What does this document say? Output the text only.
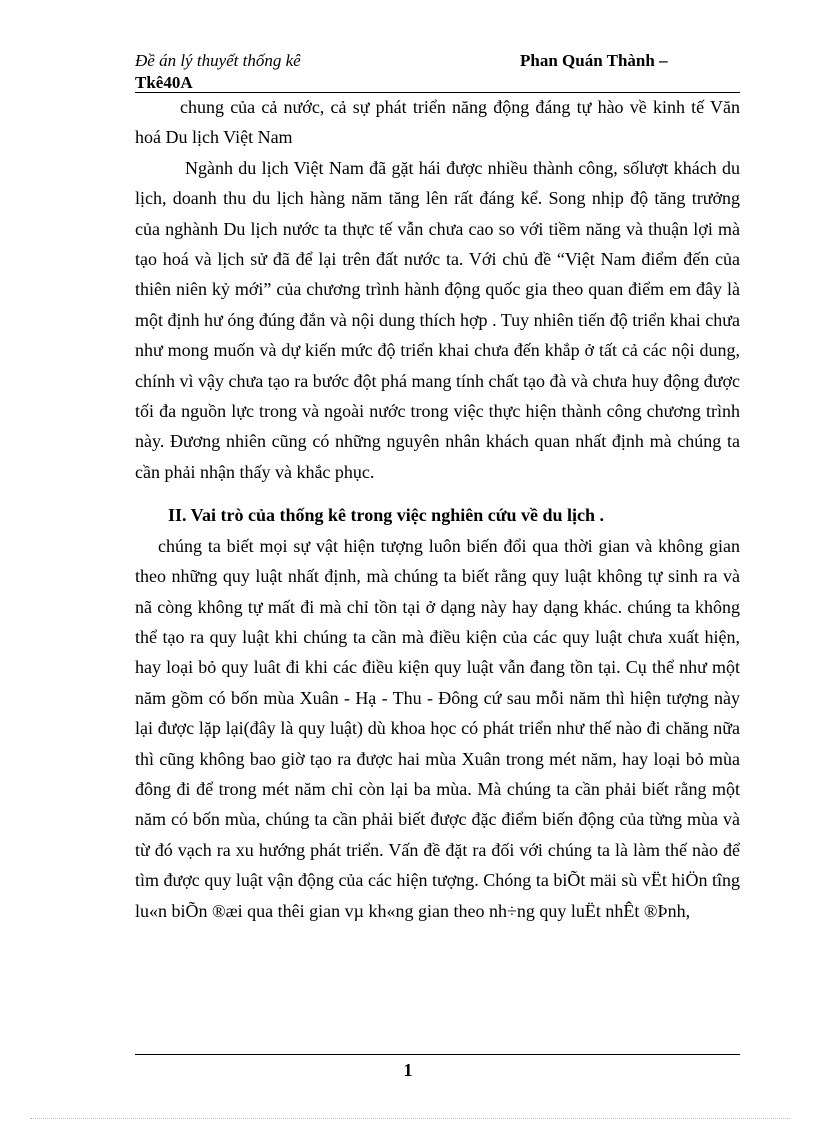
Đề án lý thuyết thống kê	Phan Quán Thành –
Tkê40A

chung của cả nước, cả sự phát triển năng động đáng tự hào về kinh tế Văn hoá Du lịch Việt Nam

Ngành du lịch Việt Nam đã gặt hái được nhiều thành công, sốlượt khách du lịch, doanh thu du lịch hàng năm tăng lên rất đáng kể. Song nhịp độ tăng trưởng của nghành Du lịch nước ta thực tế vẫn chưa cao so với tiềm năng và thuận lợi mà tạo hoá và lịch sử đã để lại trên đất nước ta. Với chủ đề “Việt Nam điểm đến của thiên niên kỷ mới” của chương trình hành động quốc gia theo quan điểm em đây là một định hư óng đúng đắn và nội dung thích hợp . Tuy nhiên tiến độ triển khai chưa như mong muốn và dự kiến mức độ triển khai chưa đến khắp ở tất cả các nội dung, chính vì vậy chưa tạo ra bước đột phá mang tính chất tạo đà và chưa huy động được tối đa nguồn lực trong và ngoài nước trong việc thực hiện thành công chương trình này. Đương nhiên cũng có những nguyên nhân khách quan nhất định mà chúng ta cần phải nhận thấy và khắc phục.

II. Vai trò của thống kê trong việc nghiên cứu về du lịch .

chúng ta biết mọi sự vật hiện tượng luôn biến đổi qua thời gian và không gian theo những quy luật nhất định, mà chúng ta biết rằng quy luật không tự sinh ra và nã còng không tự mất đi mà chỉ tồn tại ở dạng này hay dạng khác. chúng ta không thể tạo ra quy luật khi chúng ta cần mà điều kiện của các quy luật chưa xuất hiện, hay loại bỏ quy luât đi khi các điều kiện quy luật vẫn đang tồn tại. Cụ thể như một năm gồm có bốn mùa Xuân - Hạ - Thu - Đông cứ sau mỗi năm thì hiện tượng này lại được lặp lại(đây là quy luật) dù khoa học có phát triển như thế nào đi chăng nữa thì cũng không bao giờ tạo ra được hai mùa Xuân trong mét năm, hay loại bỏ mùa đông đi để trong mét năm chỉ còn lại ba mùa. Mà chúng ta cần phải biết rằng một năm có bốn mùa, chúng ta cần phải biết được đặc điểm biến động của từng mùa và từ đó vạch ra xu hướng phát triển. Vấn đề đặt ra đối với chúng ta là làm thế nào để tìm được quy luật vận động của các hiện tượng. Chóng ta biÕt mäi sù vËt hiÖn tîng lu«n biÕn ®æi qua thêi gian vµ kh«ng gian theo nh÷ng quy luËt nhÊt ®Þnh,

1
